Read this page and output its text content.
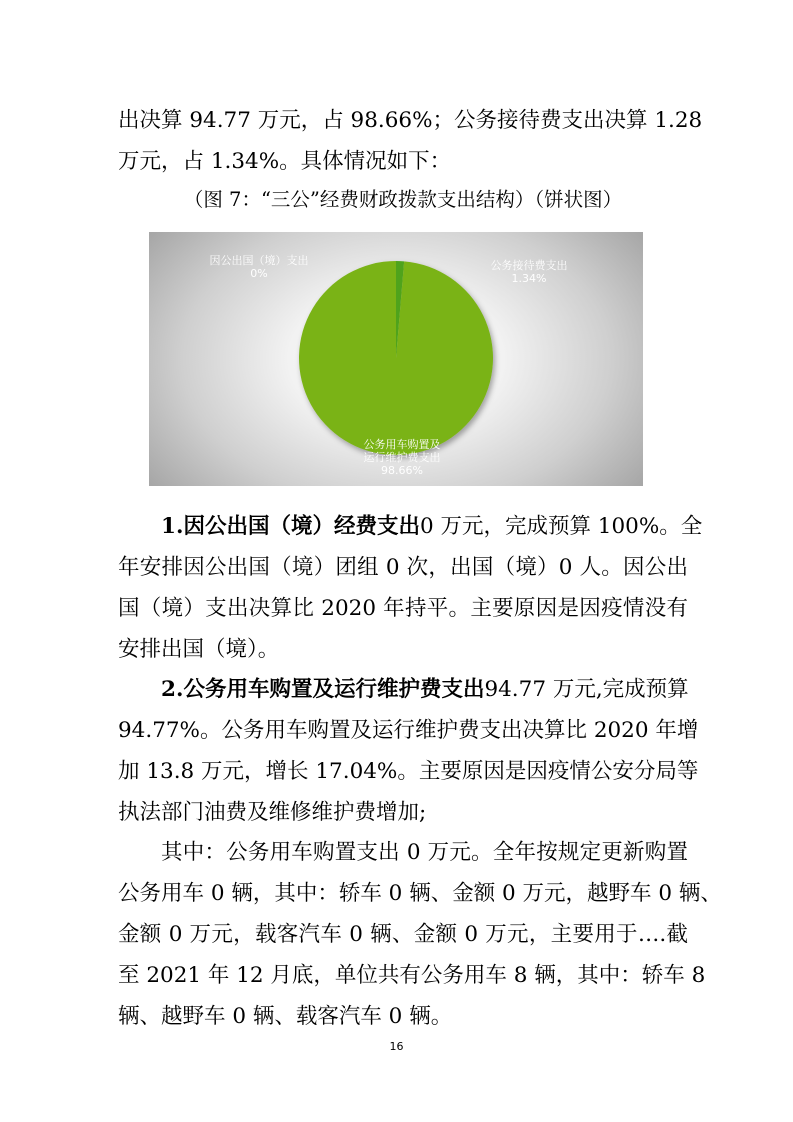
出决算 94.77 万元，占 98.66%；公务接待费支出决算 1.28
万元，占 1.34%。具体情况如下：
（图 7：“三公”经费财政拨款支出结构）（饼状图）
因公出国（境）支出
0%
公务接待费支出
1.34%
公务用车购置及
运行维护费支出
98.66%
1.因公出国（境）经费支出0 万元，完成预算 100%。全
年安排因公出国（境）团组 0 次，出国（境）0 人。因公出
国（境）支出决算比 2020 年持平。主要原因是因疫情没有
安排出国（境）。
2.公务用车购置及运行维护费支出94.77 万元,完成预算
94.77%。公务用车购置及运行维护费支出决算比 2020 年增
加 13.8 万元，增长 17.04%。主要原因是因疫情公安分局等
执法部门油费及维修维护费增加;
其中：公务用车购置支出 0 万元。全年按规定更新购置
公务用车 0 辆，其中：轿车 0 辆、金额 0 万元，越野车 0 辆、
金额 0 万元，载客汽车 0 辆、金额 0 万元，主要用于….截
至 2021 年 12 月底，单位共有公务用车 8 辆，其中：轿车 8
辆、越野车 0 辆、载客汽车 0 辆。
16
